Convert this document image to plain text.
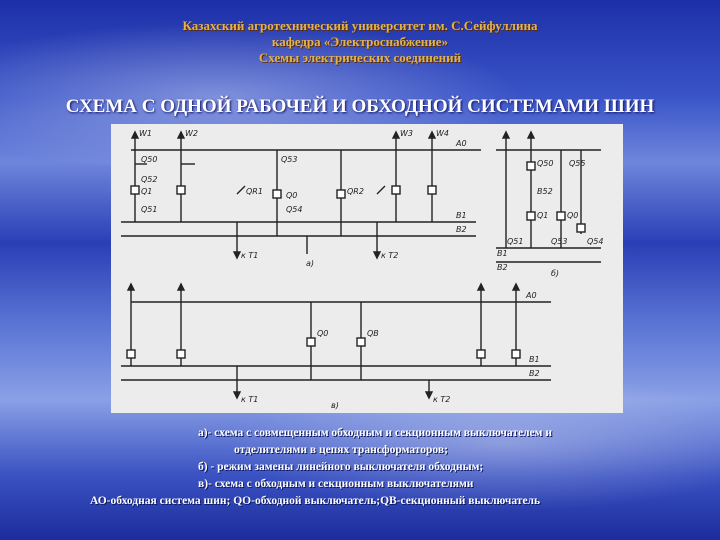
Казахский агротехнический университет им. С.Сейфуллина
кафедра «Электроснабжение»
Схемы электрических соединений
СХЕМА С ОДНОЙ РАБОЧЕЙ И ОБХОДНОЙ СИСТЕМАМИ ШИН
W1	W2	W3	W4
A0
Q50
Q52
Q1
Q51
Q53
QR1	Q0
Q54
QR2
B1
B2
к T1	к T2
а)
Q50 Q55
B52
Q1 Q0
Q51	Q53 Q54
B1
B2
б)
A0
Q0	QB
B1
B2
к T1	к T2
в)
а)- схема с совмещенным обходным и секционным выключателем и
отделителями в цепях трансформаторов;
б) - режим замены линейного выключателя обходным;
в)- схема с обходным и секционным выключателями
АО-обходная система шин; QO-обходной выключатель;QB-секционный выключатель
